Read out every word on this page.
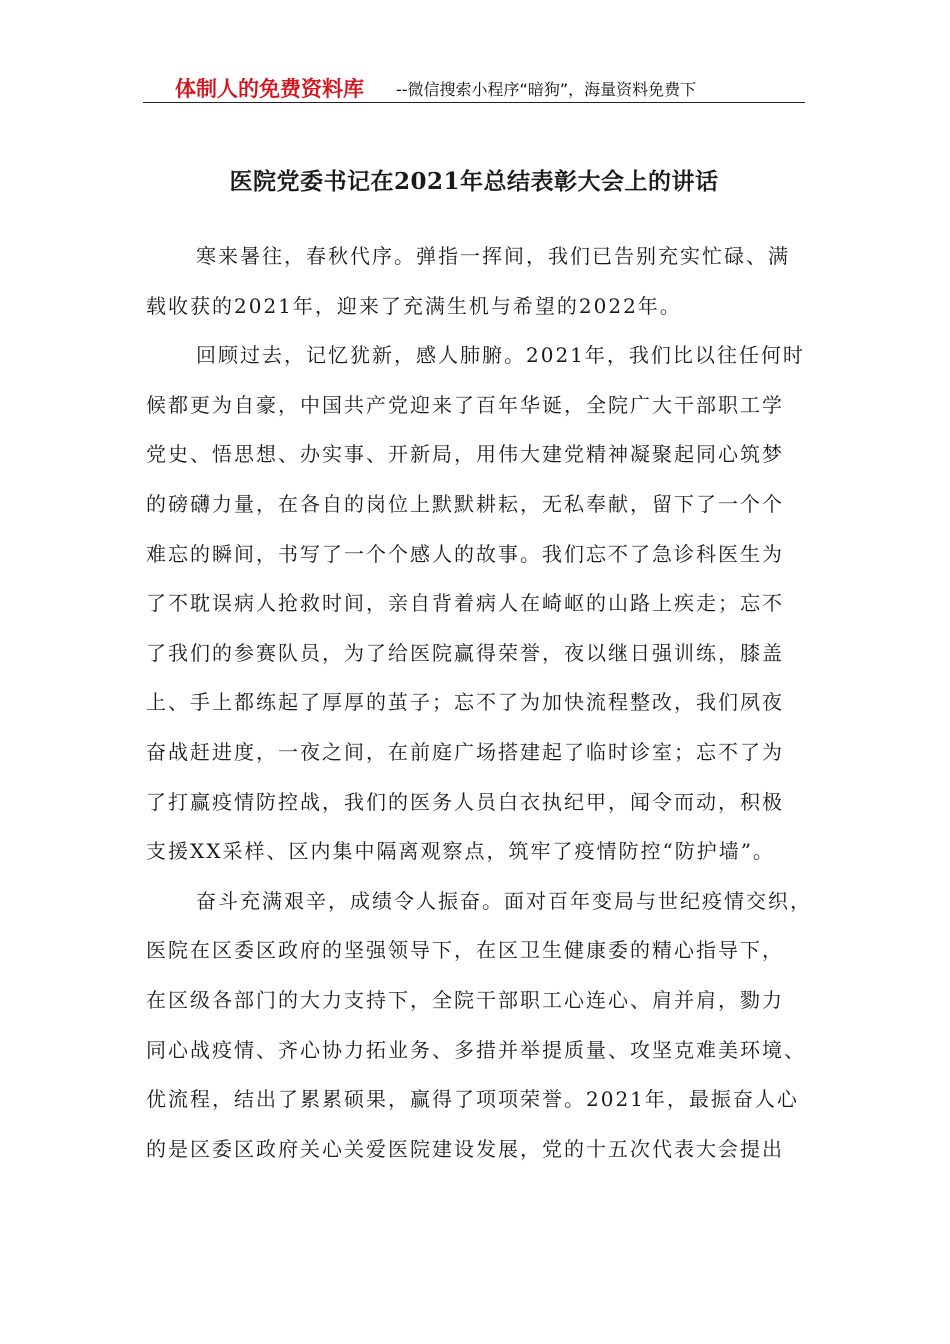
体制人的免费资料库 --微信搜索小程序“暗狗”，海量资料免费下
医院党委书记在2021年总结表彰大会上的讲话
寒来暑往，春秋代序。弹指一挥间，我们已告别充实忙碌、满
载收获的2021年，迎来了充满生机与希望的2022年。
回顾过去，记忆犹新，感人肺腑。2021年，我们比以往任何时
候都更为自豪，中国共产党迎来了百年华诞，全院广大干部职工学
党史、悟思想、办实事、开新局，用伟大建党精神凝聚起同心筑梦
的磅礴力量，在各自的岗位上默默耕耘，无私奉献，留下了一个个
难忘的瞬间，书写了一个个感人的故事。我们忘不了急诊科医生为
了不耽误病人抢救时间，亲自背着病人在崎岖的山路上疾走；忘不
了我们的参赛队员，为了给医院赢得荣誉，夜以继日强训练，膝盖
上、手上都练起了厚厚的茧子；忘不了为加快流程整改，我们夙夜
奋战赶进度，一夜之间，在前庭广场搭建起了临时诊室；忘不了为
了打赢疫情防控战，我们的医务人员白衣执纪甲，闻令而动，积极
支援XX采样、区内集中隔离观察点，筑牢了疫情防控“防护墙”。
奋斗充满艰辛，成绩令人振奋。面对百年变局与世纪疫情交织，
医院在区委区政府的坚强领导下，在区卫生健康委的精心指导下，
在区级各部门的大力支持下，全院干部职工心连心、肩并肩，勠力
同心战疫情、齐心协力拓业务、多措并举提质量、攻坚克难美环境、
优流程，结出了累累硕果，赢得了项项荣誉。2021年，最振奋人心
的是区委区政府关心关爱医院建设发展，党的十五次代表大会提出
